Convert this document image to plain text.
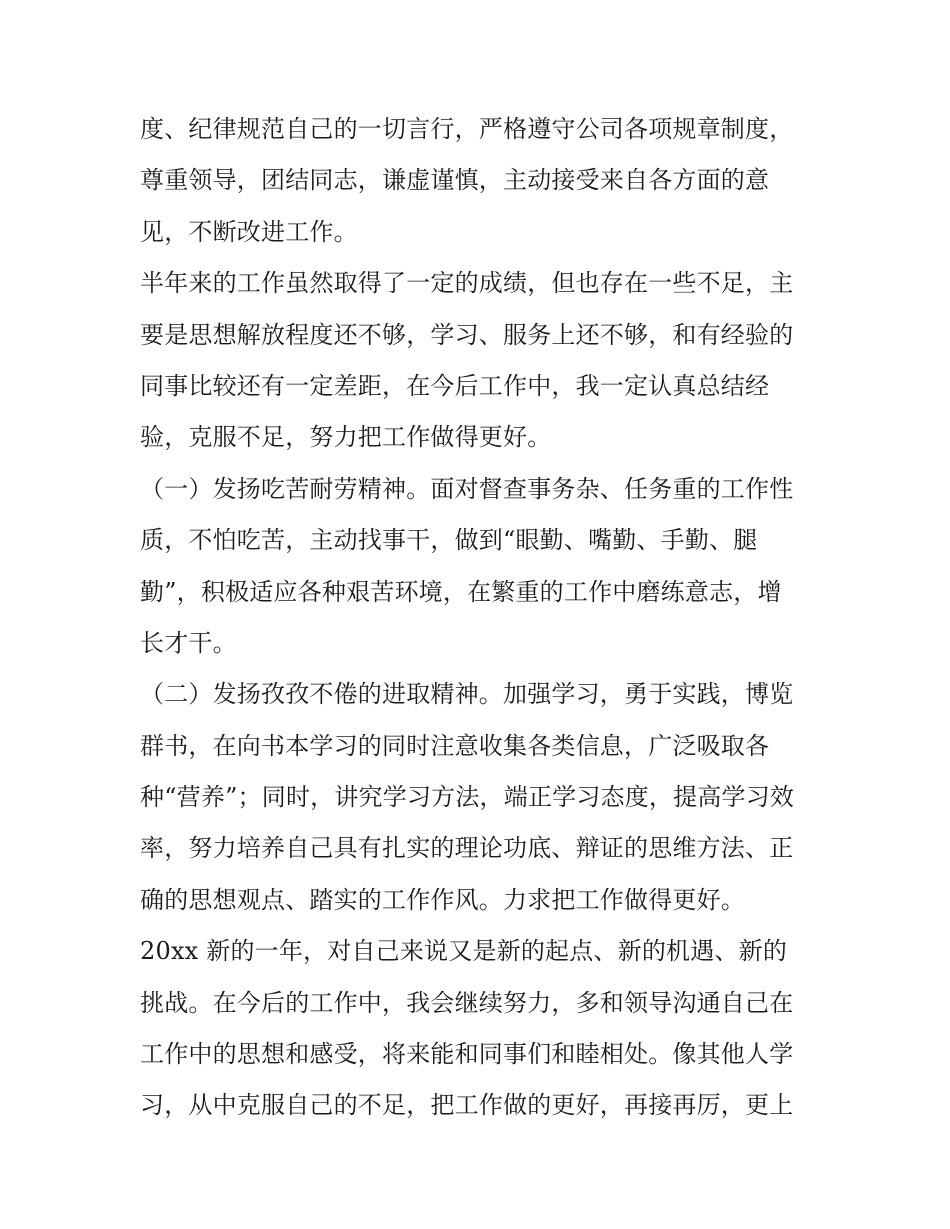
度、纪律规范自己的一切言行，严格遵守公司各项规章制度，
尊重领导，团结同志，谦虚谨慎，主动接受来自各方面的意
见，不断改进工作。
半年来的工作虽然取得了一定的成绩，但也存在一些不足，主
要是思想解放程度还不够，学习、服务上还不够，和有经验的
同事比较还有一定差距，在今后工作中，我一定认真总结经
验，克服不足，努力把工作做得更好。
（一）发扬吃苦耐劳精神。面对督查事务杂、任务重的工作性
质，不怕吃苦，主动找事干，做到“眼勤、嘴勤、手勤、腿
勤”，积极适应各种艰苦环境，在繁重的工作中磨练意志，增
长才干。
（二）发扬孜孜不倦的进取精神。加强学习，勇于实践，博览
群书，在向书本学习的同时注意收集各类信息，广泛吸取各
种“营养”；同时，讲究学习方法，端正学习态度，提高学习效
率，努力培养自己具有扎实的理论功底、辩证的思维方法、正
确的思想观点、踏实的工作作风。力求把工作做得更好。
20xx 新的一年，对自己来说又是新的起点、新的机遇、新的
挑战。在今后的工作中，我会继续努力，多和领导沟通自己在
工作中的思想和感受，将来能和同事们和睦相处。像其他人学
习，从中克服自己的不足，把工作做的更好，再接再厉，更上
